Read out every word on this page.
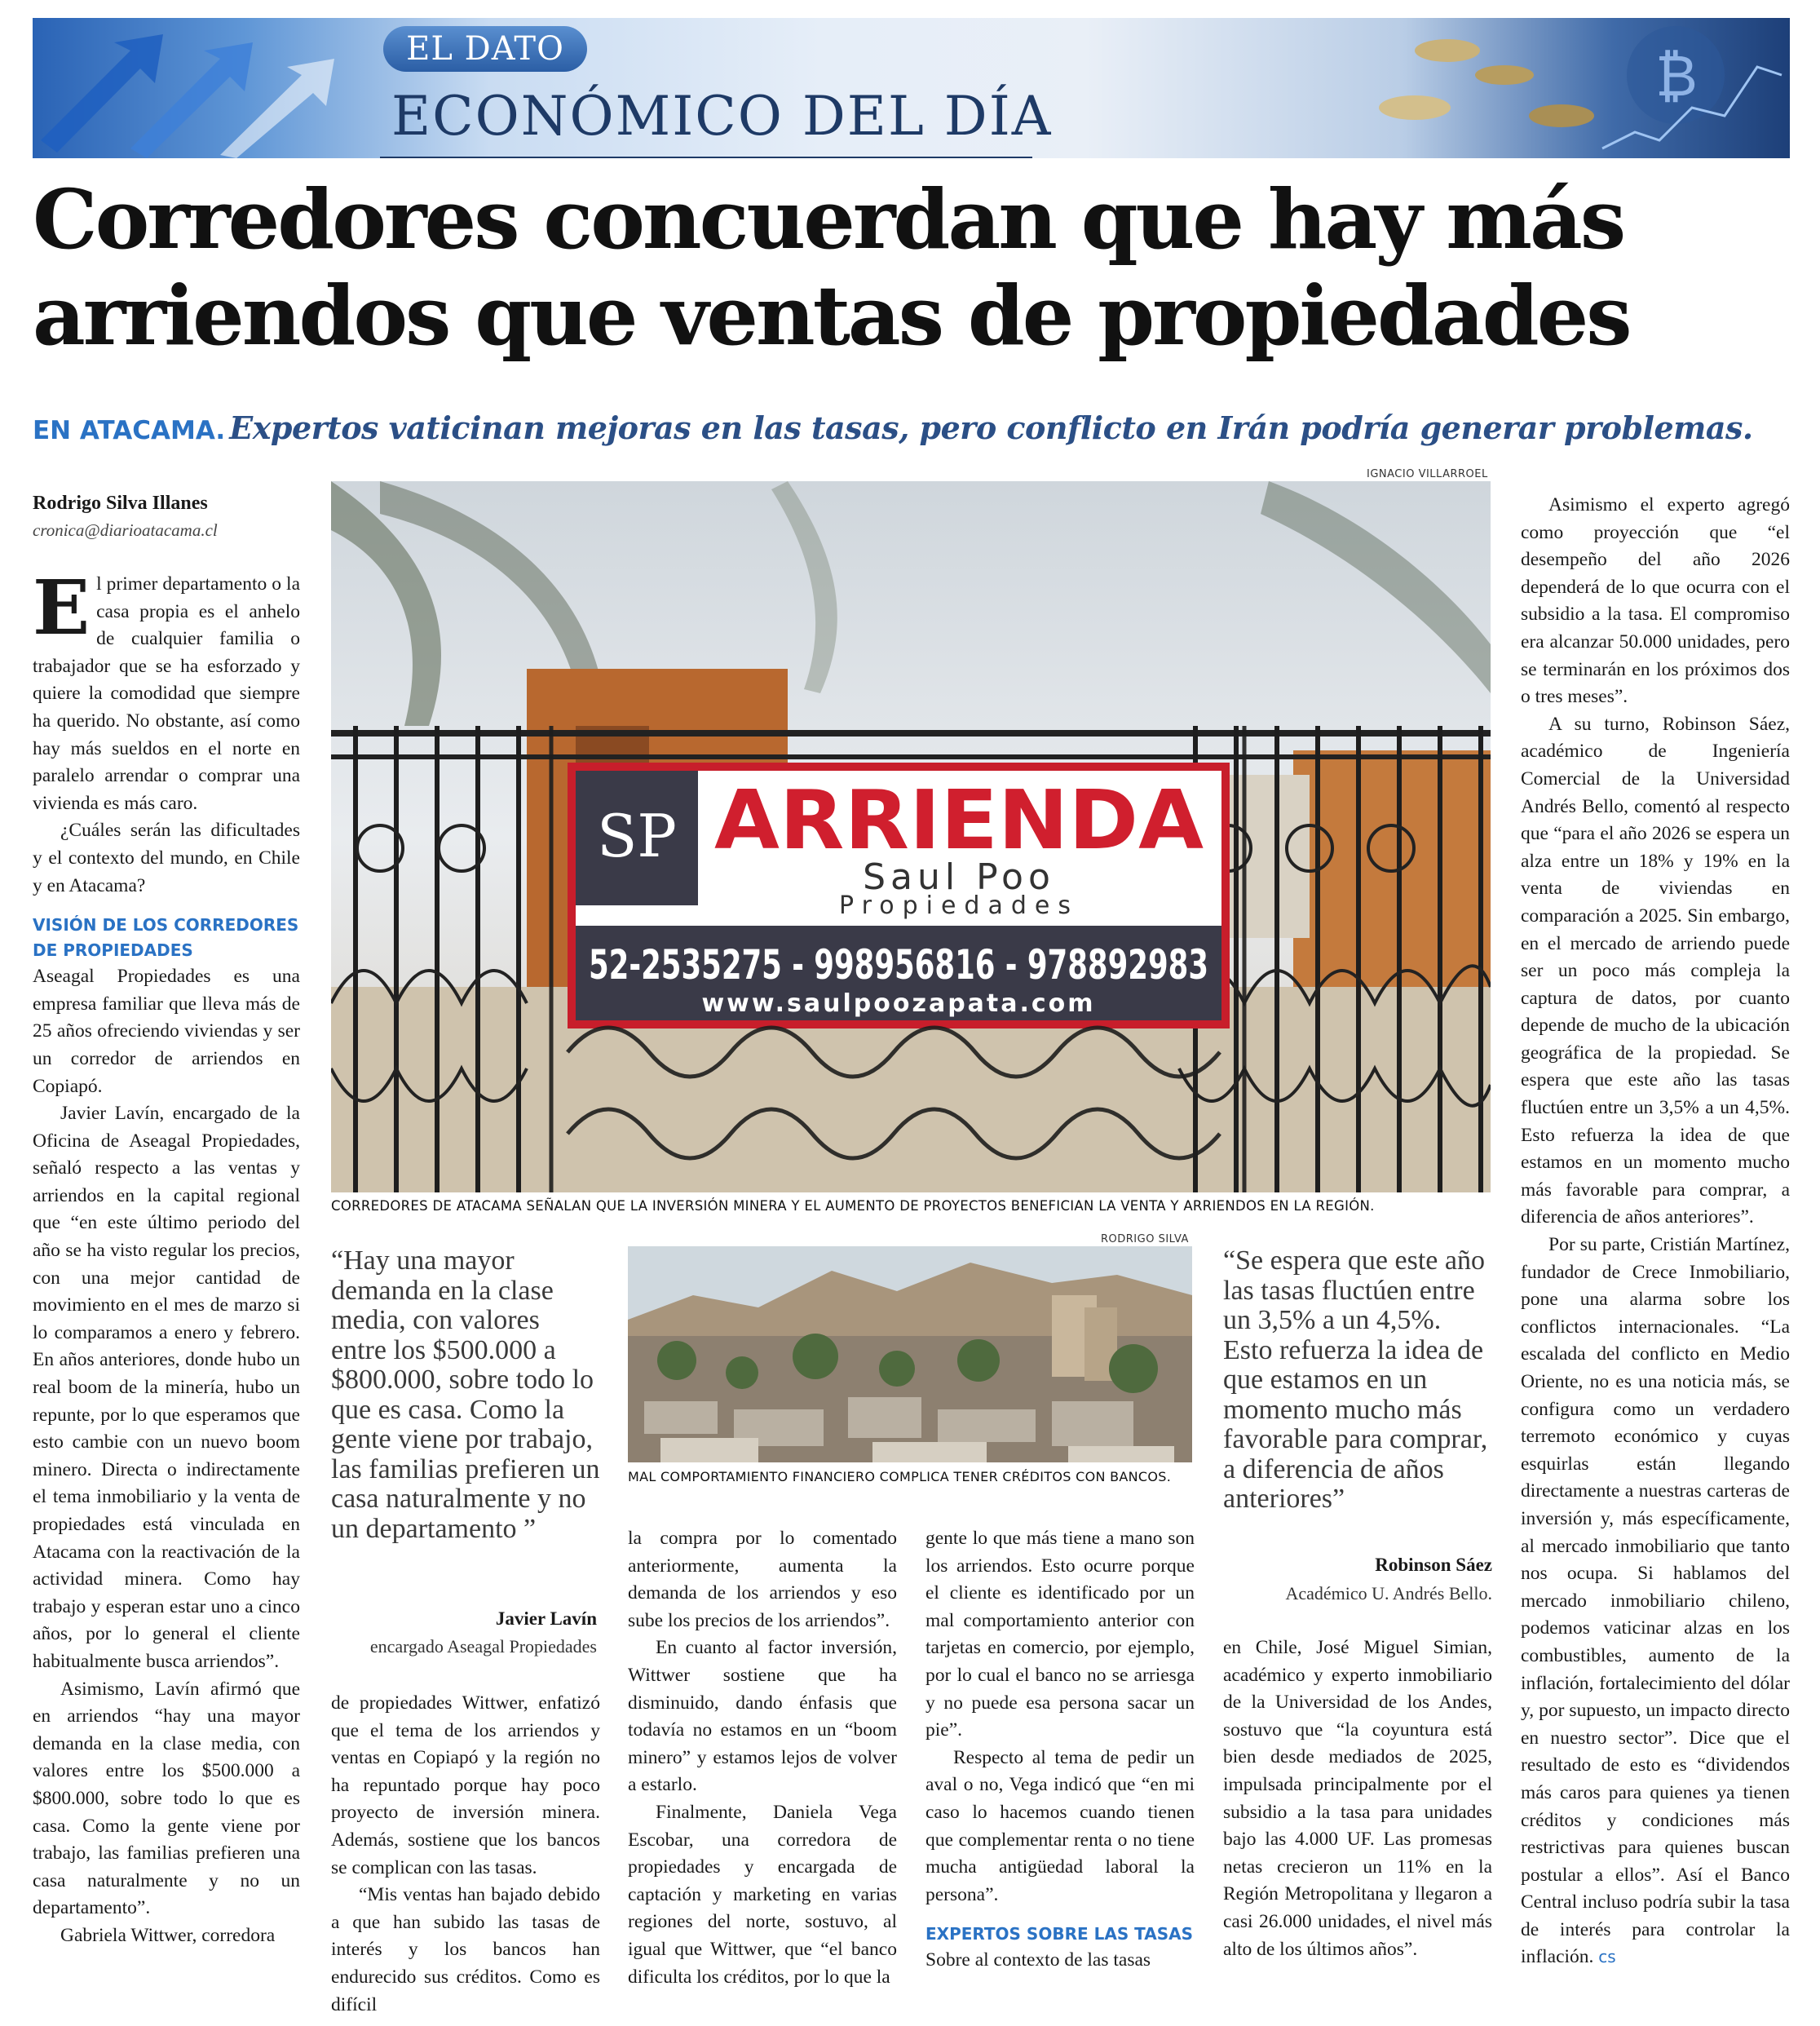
₿
EL DATO
ECONÓMICO DEL DÍA
Corredores concuerdan que hay más
arriendos que ventas de propiedades
EN ATACAMA. Expertos vaticinan mejoras en las tasas, pero conflicto en Irán podría generar problemas.
Rodrigo Silva Illanes
cronica@diarioatacama.cl

El primer departamento o la casa propia es el anhelo de cualquier familia o trabajador que se ha esforzado y quiere la comodidad que siempre ha querido. No obstante, así como hay más sueldos en el norte en paralelo arrendar o comprar una vivienda es más caro.

¿Cuáles serán las dificultades y el contexto del mundo, en Chile y en Atacama?

VISIÓN DE LOS CORREDORES DE PROPIEDADES

Aseagal Propiedades es una empresa familiar que lleva más de 25 años ofreciendo viviendas y ser un corredor de arriendos en Copiapó.

Javier Lavín, encargado de la Oficina de Aseagal Propiedades, señaló respecto a las ventas y arriendos en la capital regional que “en este último periodo del año se ha visto regular los precios, con una mejor cantidad de movimiento en el mes de marzo si lo comparamos a enero y febrero. En años anteriores, donde hubo un real boom de la minería, hubo un repunte, por lo que esperamos que esto cambie con un nuevo boom minero. Directa o indirectamente el tema inmobiliario y la venta de propiedades está vinculada en Atacama con la reactivación de la actividad minera. Como hay trabajo y esperan estar uno a cinco años, por lo general el cliente habitualmente busca arriendos”.

Asimismo, Lavín afirmó que en arriendos “hay una mayor demanda en la clase media, con valores entre los $500.000 a $800.000, sobre todo lo que es casa. Como la gente viene por trabajo, las familias prefieren una casa naturalmente y no un departamento”.

Gabriela Wittwer, corredora

IGNACIO VILLARROEL
SP ARRIENDA
Saul Poo
Propiedades
52-2535275 - 998956816 - 978892983
www.saulpoozapata.com
CORREDORES DE ATACAMA SEÑALAN QUE LA INVERSIÓN MINERA Y EL AUMENTO DE PROYECTOS BENEFICIAN LA VENTA Y ARRIENDOS EN LA REGIÓN.
“Hay una mayor demanda en la clase media, con valores entre los $500.000 a $800.000, sobre todo lo que es casa. Como la gente viene por trabajo, las familias prefieren un casa naturalmente y no un departamento ”
Javier Lavín
encargado Aseagal Propiedades
RODRIGO SILVA
MAL COMPORTAMIENTO FINANCIERO COMPLICA TENER CRÉDITOS CON BANCOS.
“Se espera que este año las tasas fluctúen entre un 3,5% a un 4,5%. Esto refuerza la idea de que estamos en un momento mucho más favorable para comprar, a diferencia de años anteriores”
Robinson Sáez
Académico U. Andrés Bello.

de propiedades Wittwer, enfatizó que el tema de los arriendos y ventas en Copiapó y la región no ha repuntado porque hay poco proyecto de inversión minera. Además, sostiene que los bancos se complican con las tasas.

“Mis ventas han bajado debido a que han subido las tasas de interés y los bancos han endurecido sus créditos. Como es difícil

la compra por lo comentado anteriormente, aumenta la demanda de los arriendos y eso sube los precios de los arriendos”.

En cuanto al factor inversión, Wittwer sostiene que ha disminuido, dando énfasis que todavía no estamos en un “boom minero” y estamos lejos de volver a estarlo.

Finalmente, Daniela Vega Escobar, una corredora de propiedades y encargada de captación y marketing en varias regiones del norte, sostuvo, al igual que Wittwer, que “el banco dificulta los créditos, por lo que la

gente lo que más tiene a mano son los arriendos. Esto ocurre porque el cliente es identificado por un mal comportamiento anterior con tarjetas en comercio, por ejemplo, por lo cual el banco no se arriesga y no puede esa persona sacar un pie”.

Respecto al tema de pedir un aval o no, Vega indicó que “en mi caso lo hacemos cuando tienen que complementar renta o no tiene mucha antigüedad laboral la persona”.

EXPERTOS SOBRE LAS TASAS

Sobre al contexto de las tasas

en Chile, José Miguel Simian, académico y experto inmobiliario de la Universidad de los Andes, sostuvo que “la coyuntura está bien desde mediados de 2025, impulsada principalmente por el subsidio a la tasa para unidades bajo las 4.000 UF. Las promesas netas crecieron un 11% en la Región Metropolitana y llegaron a casi 26.000 unidades, el nivel más alto de los últimos años”.

Asimismo el experto agregó como proyección que “el desempeño del año 2026 dependerá de lo que ocurra con el subsidio a la tasa. El compromiso era alcanzar 50.000 unidades, pero se terminarán en los próximos dos o tres meses”.

A su turno, Robinson Sáez, académico de Ingeniería Comercial de la Universidad Andrés Bello, comentó al respecto que “para el año 2026 se espera un alza entre un 18% y 19% en la venta de viviendas en comparación a 2025. Sin embargo, en el mercado de arriendo puede ser un poco más compleja la captura de datos, por cuanto depende de mucho de la ubicación geográfica de la propiedad. Se espera que este año las tasas fluctúen entre un 3,5% a un 4,5%. Esto refuerza la idea de que estamos en un momento mucho más favorable para comprar, a diferencia de años anteriores”.

Por su parte, Cristián Martínez, fundador de Crece Inmobiliario, pone una alarma sobre los conflictos internacionales. “La escalada del conflicto en Medio Oriente, no es una noticia más, se configura como un verdadero terremoto económico y cuyas esquirlas están llegando directamente a nuestras carteras de inversión y, más específicamente, al mercado inmobiliario que tanto nos ocupa. Si hablamos del mercado inmobiliario chileno, podemos vaticinar alzas en los combustibles, aumento de la inflación, fortalecimiento del dólar y, por supuesto, un impacto directo en nuestro sector”. Dice que el resultado de esto es “dividendos más caros para quienes ya tienen créditos y condiciones más restrictivas para quienes buscan postular a ellos”. Así el Banco Central incluso podría subir la tasa de interés para controlar la inflación. cs
